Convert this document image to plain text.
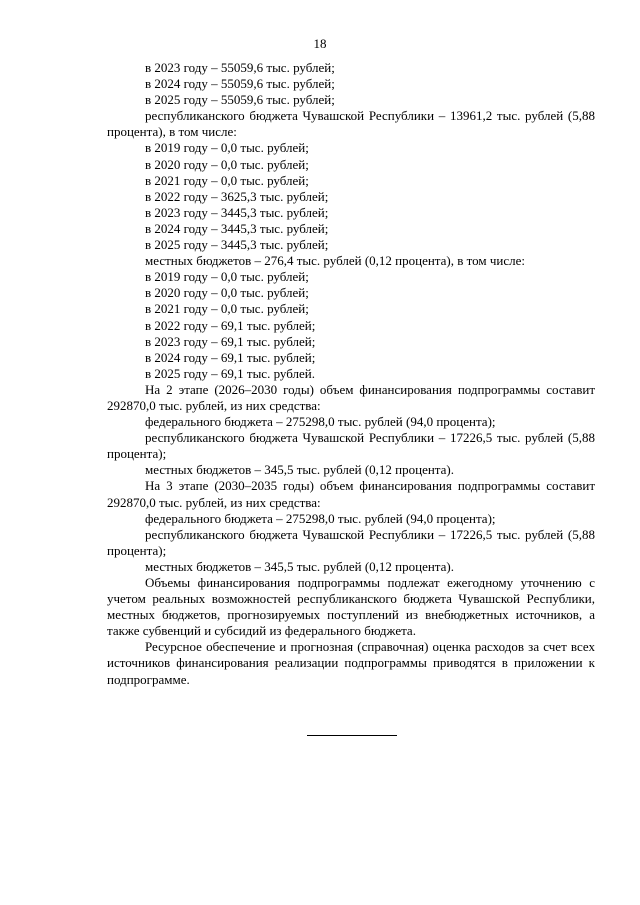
18

в 2023 году – 55059,6 тыс. рублей;

в 2024 году – 55059,6 тыс. рублей;

в 2025 году – 55059,6 тыс. рублей;

республиканского бюджета Чувашской Республики – 13961,2 тыс. рублей (5,88 процента), в том числе:

в 2019 году – 0,0 тыс. рублей;

в 2020 году – 0,0 тыс. рублей;

в 2021 году – 0,0 тыс. рублей;

в 2022 году – 3625,3 тыс. рублей;

в 2023 году – 3445,3 тыс. рублей;

в 2024 году – 3445,3 тыс. рублей;

в 2025 году – 3445,3 тыс. рублей;

местных бюджетов – 276,4 тыс. рублей (0,12 процента), в том числе:

в 2019 году – 0,0 тыс. рублей;

в 2020 году – 0,0 тыс. рублей;

в 2021 году – 0,0 тыс. рублей;

в 2022 году – 69,1 тыс. рублей;

в 2023 году – 69,1 тыс. рублей;

в 2024 году – 69,1 тыс. рублей;

в 2025 году – 69,1 тыс. рублей.

На 2 этапе (2026–2030 годы) объем финансирования подпрограммы составит 292870,0 тыс. рублей, из них средства:

федерального бюджета – 275298,0 тыс. рублей (94,0 процента);

республиканского бюджета Чувашской Республики – 17226,5 тыс. рублей (5,88 процента);

местных бюджетов – 345,5 тыс. рублей (0,12 процента).

На 3 этапе (2030–2035 годы) объем финансирования подпрограммы составит 292870,0 тыс. рублей, из них средства:

федерального бюджета – 275298,0 тыс. рублей (94,0 процента);

республиканского бюджета Чувашской Республики – 17226,5 тыс. рублей (5,88 процента);

местных бюджетов – 345,5 тыс. рублей (0,12 процента).

Объемы финансирования подпрограммы подлежат ежегодному уточнению с учетом реальных возможностей республиканского бюджета Чувашской Республики, местных бюджетов, прогнозируемых поступлений из внебюджетных источников, а также субвенций и субсидий из федерального бюджета.

Ресурсное обеспечение и прогнозная (справочная) оценка расходов за счет всех источников финансирования реализации подпрограммы приводятся в приложении к подпрограмме.
